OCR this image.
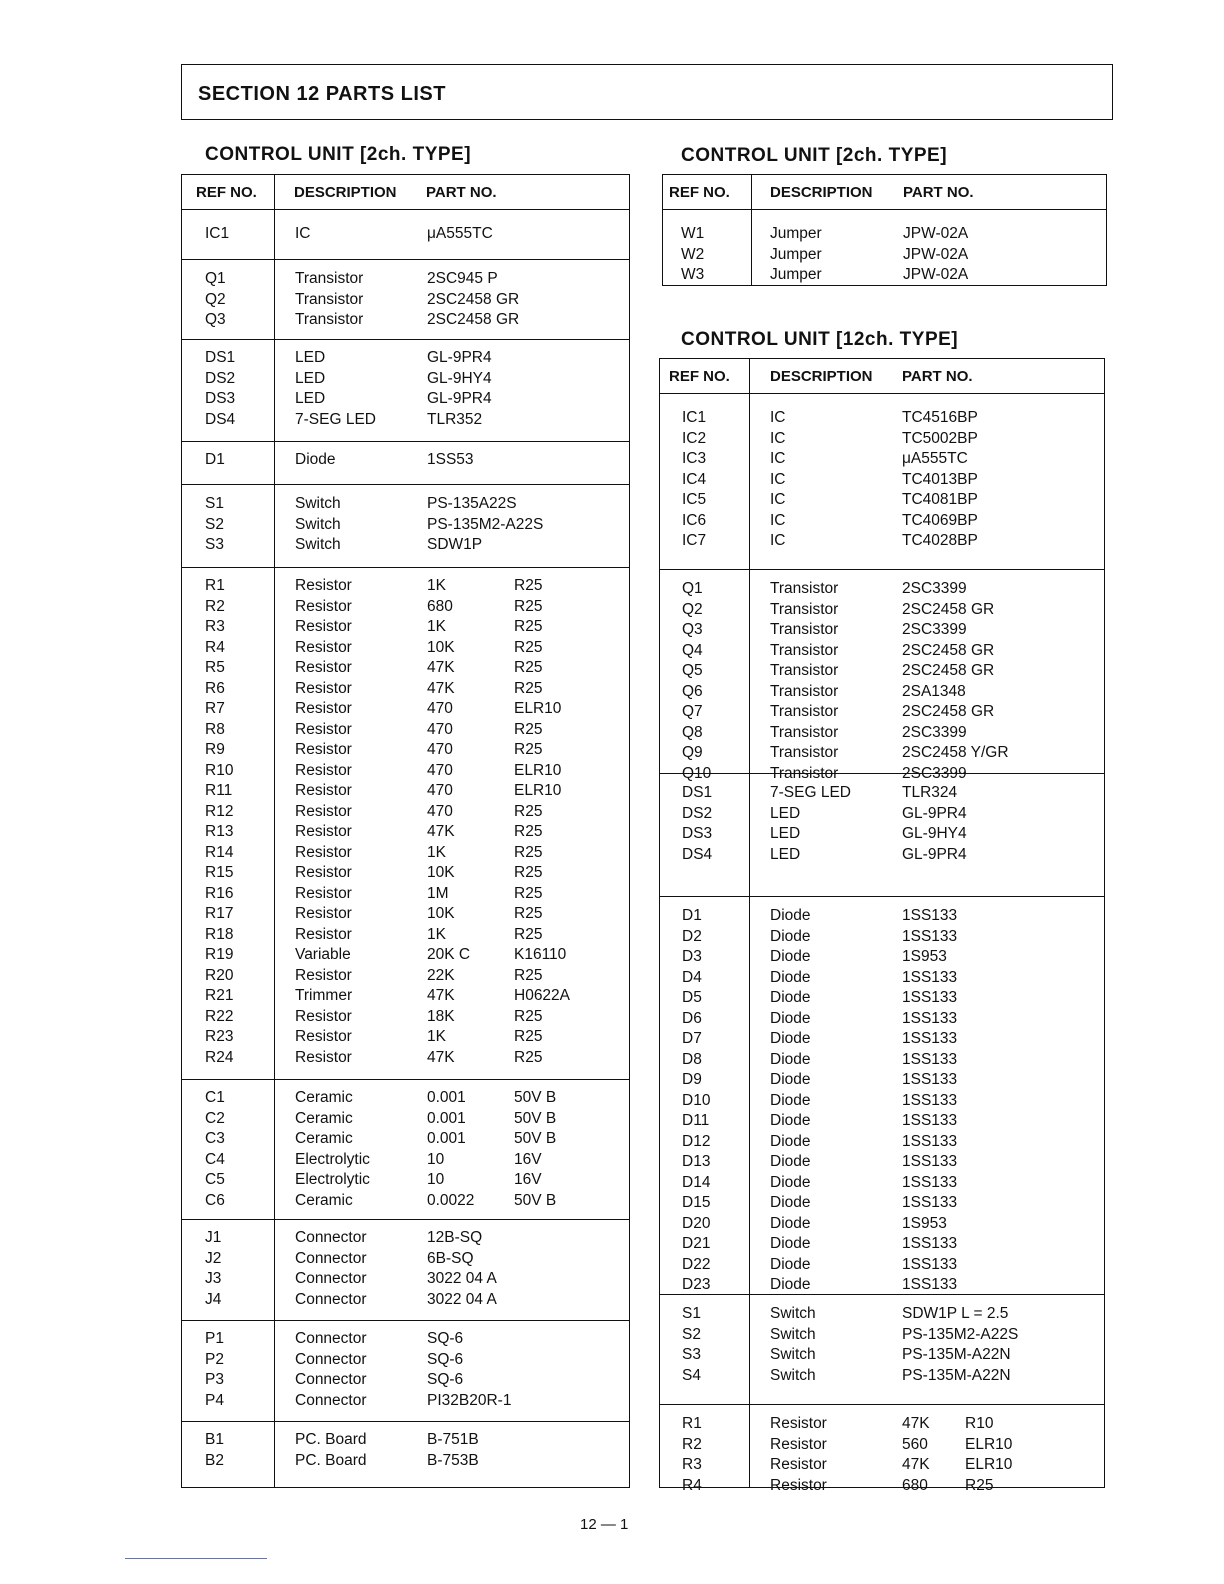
SECTION 12 PARTS LIST
CONTROL UNIT [2ch. TYPE]
REF NO. DESCRIPTION PART NO.
IC1	IC	μA555TC
Q1	Transistor	2SC945 P
Q2	Transistor	2SC2458 GR
Q3	Transistor	2SC2458 GR
DS1	LED	GL-9PR4
DS2	LED	GL-9HY4
DS3	LED	GL-9PR4
DS4	7-SEG LED	TLR352
D1	Diode	1SS53
S1	Switch	PS-135A22S
S2	Switch	PS-135M2-A22S
S3	Switch	SDW1P
R1	Resistor	1K	R25
R2	Resistor	680	R25
R3	Resistor	1K	R25
R4	Resistor	10K	R25
R5	Resistor	47K	R25
R6	Resistor	47K	R25
R7	Resistor	470	ELR10
R8	Resistor	470	R25
R9	Resistor	470	R25
R10	Resistor	470	ELR10
R11	Resistor	470	ELR10
R12	Resistor	470	R25
R13	Resistor	47K	R25
R14	Resistor	1K	R25
R15	Resistor	10K	R25
R16	Resistor	1M	R25
R17	Resistor	10K	R25
R18	Resistor	1K	R25
R19	Variable	20K C	K16110
R20	Resistor	22K	R25
R21	Trimmer	47K	H0622A
R22	Resistor	18K	R25
R23	Resistor	1K	R25
R24	Resistor	47K	R25
C1	Ceramic	0.001	50V B
C2	Ceramic	0.001	50V B
C3	Ceramic	0.001	50V B
C4	Electrolytic	10	16V
C5	Electrolytic	10	16V
C6	Ceramic	0.0022	50V B
J1	Connector	12B-SQ
J2	Connector	6B-SQ
J3	Connector	3022 04 A
J4	Connector	3022 04 A
P1	Connector	SQ-6
P2	Connector	SQ-6
P3	Connector	SQ-6
P4	Connector	PI32B20R-1
B1	PC. Board	B-751B
B2	PC. Board	B-753B
CONTROL UNIT [2ch. TYPE]
REF NO.	DESCRIPTION PART NO.
W1	Jumper	JPW-02A
W2	Jumper	JPW-02A
W3	Jumper	JPW-02A
CONTROL UNIT [12ch. TYPE]
REF NO.	DESCRIPTION PART NO.
IC1	IC	TC4516BP
IC2	IC	TC5002BP
IC3	IC	μA555TC
IC4	IC	TC4013BP
IC5	IC	TC4081BP
IC6	IC	TC4069BP
IC7	IC	TC4028BP
Q1	Transistor	2SC3399
Q2	Transistor	2SC2458 GR
Q3	Transistor	2SC3399
Q4	Transistor	2SC2458 GR
Q5	Transistor	2SC2458 GR
Q6	Transistor	2SA1348
Q7	Transistor	2SC2458 GR
Q8	Transistor	2SC3399
Q9	Transistor	2SC2458 Y/GR
Q10	Transistor	2SC3399
DS1	7-SEG LED	TLR324
DS2	LED	GL-9PR4
DS3	LED	GL-9HY4
DS4	LED	GL-9PR4
D1	Diode	1SS133
D2	Diode	1SS133
D3	Diode	1S953
D4	Diode	1SS133
D5	Diode	1SS133
D6	Diode	1SS133
D7	Diode	1SS133
D8	Diode	1SS133
D9	Diode	1SS133
D10	Diode	1SS133
D11	Diode	1SS133
D12	Diode	1SS133
D13	Diode	1SS133
D14	Diode	1SS133
D15	Diode	1SS133
D20	Diode	1S953
D21	Diode	1SS133
D22	Diode	1SS133
D23	Diode	1SS133
S1	Switch	SDW1P L = 2.5
S2	Switch	PS-135M2-A22S
S3	Switch	PS-135M-A22N
S4	Switch	PS-135M-A22N
R1	Resistor	47K R10
R2	Resistor	560 ELR10
R3	Resistor	47K ELR10
R4	Resistor	680 R25
12 — 1
